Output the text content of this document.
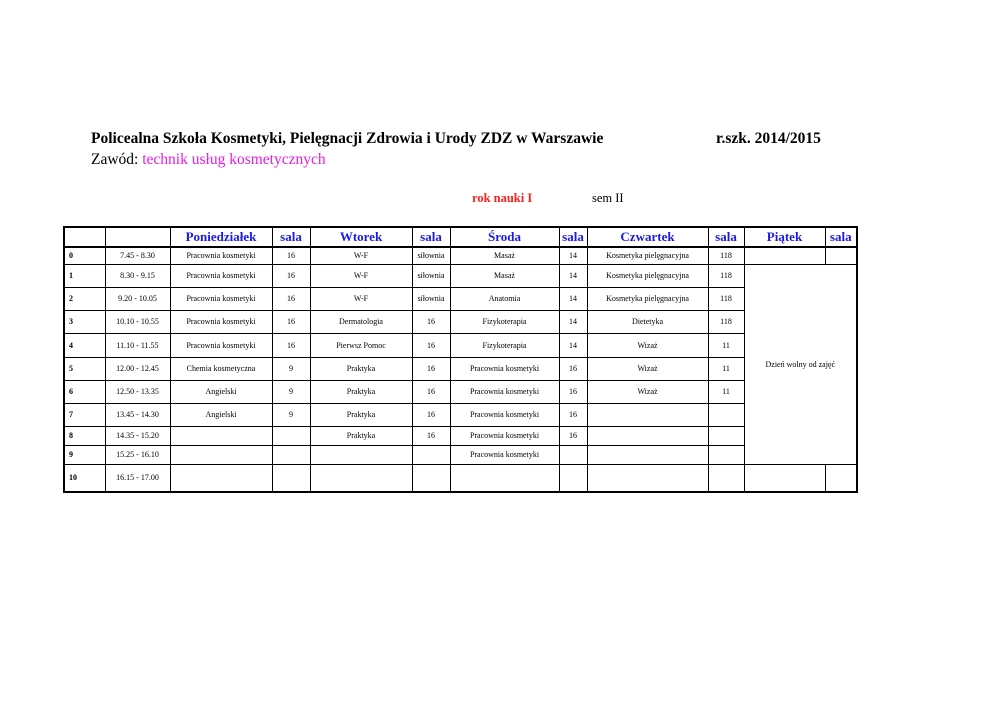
Policealna Szkoła Kosmetyki, Pielęgnacji Zdrowia i Urody ZDZ w Warszawie	r.szk. 2014/2015
Zawód: technik usług kosmetycznych
rok nauki I	sem II
		Poniedziałek	sala	Wtorek	sala	Środa	sala	Czwartek	sala	Piątek	sala
0	7.45 - 8.30	Pracownia kosmetyki	16	W-F	siłownia	Masaż	14	Kosmetyka pielęgnacyjna	118		
1	8.30 - 9.15	Pracownia kosmetyki	16	W-F	siłownia	Masaż	14	Kosmetyka pielęgnacyjna	118	Dzień wolny od zajęć	
2	9.20 - 10.05	Pracownia kosmetyki	16	W-F	siłownia	Anatomia	14	Kosmetyka pielęgnacyjna	118		
3	10.10 - 10.55	Pracownia kosmetyki	16	Dermatologia	16	Fizykoterapia	14	Dietetyka	118		
4	11.10 - 11.55	Pracownia kosmetyki	16	Pierwsz Pomoc	16	Fizykoterapia	14	Wizaż	11		
5	12.00 - 12.45	Chemia kosmetyczna	9	Praktyka	16	Pracownia kosmetyki	16	Wizaż	11		
6	12.50 - 13.35	Angielski	9	Praktyka	16	Pracownia kosmetyki	16	Wizaż	11		
7	13.45 - 14.30	Angielski	9	Praktyka	16	Pracownia kosmetyki	16				
8	14.35 - 15.20			Praktyka	16	Pracownia kosmetyki	16				
9	15.25 - 16.10					Pracownia kosmetyki					
10	16.15 - 17.00										
